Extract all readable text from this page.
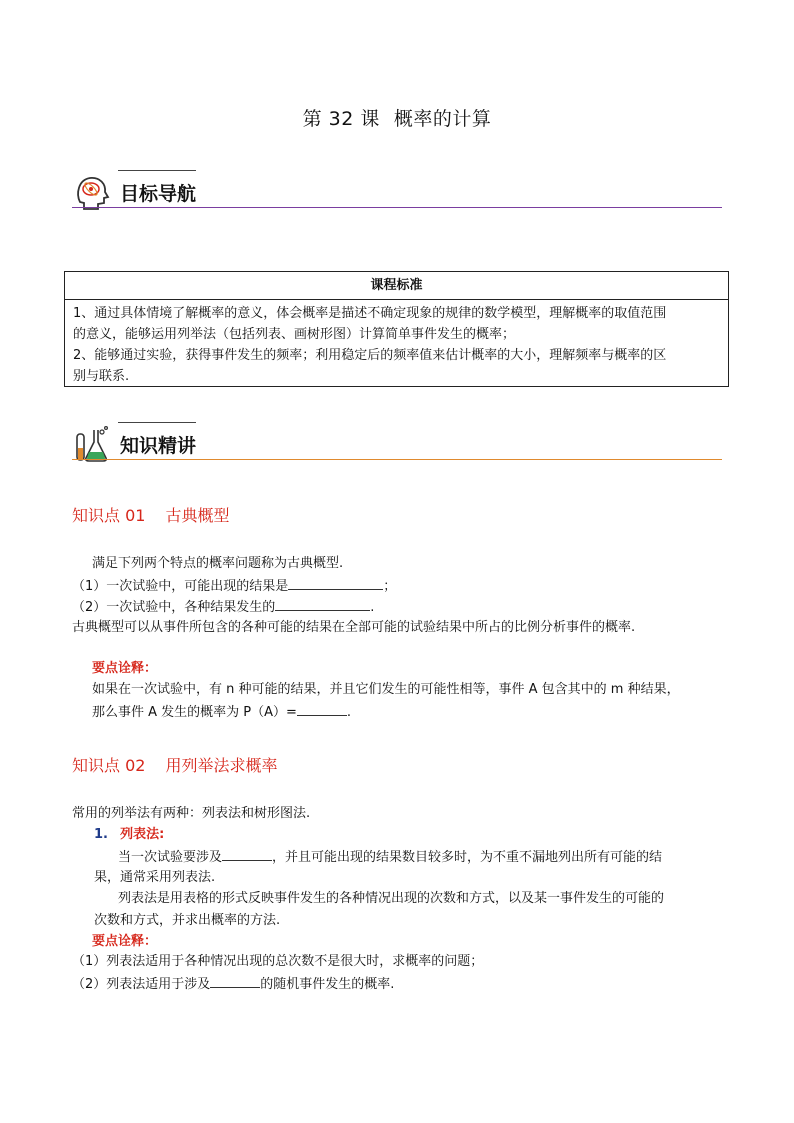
第 32 课 概率的计算
目标导航
课程标准
1、通过具体情境了解概率的意义，体会概率是描述不确定现象的规律的数学模型，理解概率的取值范围
的意义，能够运用列举法（包括列表、画树形图）计算简单事件发生的概率；
2、能够通过实验，获得事件发生的频率；利用稳定后的频率值来估计概率的大小，理解频率与概率的区
别与联系.
知识精讲
知识点 01 古典概型
满足下列两个特点的概率问题称为古典概型.
（1）一次试验中，可能出现的结果是	；
（2）一次试验中，各种结果发生的	.
古典概型可以从事件所包含的各种可能的结果在全部可能的试验结果中所占的比例分析事件的概率.
要点诠释：
如果在一次试验中，有 n 种可能的结果，并且它们发生的可能性相等，事件 A 包含其中的 m 种结果，
那么事件 A 发生的概率为 P（A）=	.
知识点 02 用列举法求概率
常用的列举法有两种：列表法和树形图法.
1. 列表法:
当一次试验要涉及	，并且可能出现的结果数目较多时，为不重不漏地列出所有可能的结
果，通常采用列表法.
列表法是用表格的形式反映事件发生的各种情况出现的次数和方式，以及某一事件发生的可能的
次数和方式，并求出概率的方法.
要点诠释：
（1）列表法适用于各种情况出现的总次数不是很大时，求概率的问题；
（2）列表法适用于涉及	的随机事件发生的概率.
